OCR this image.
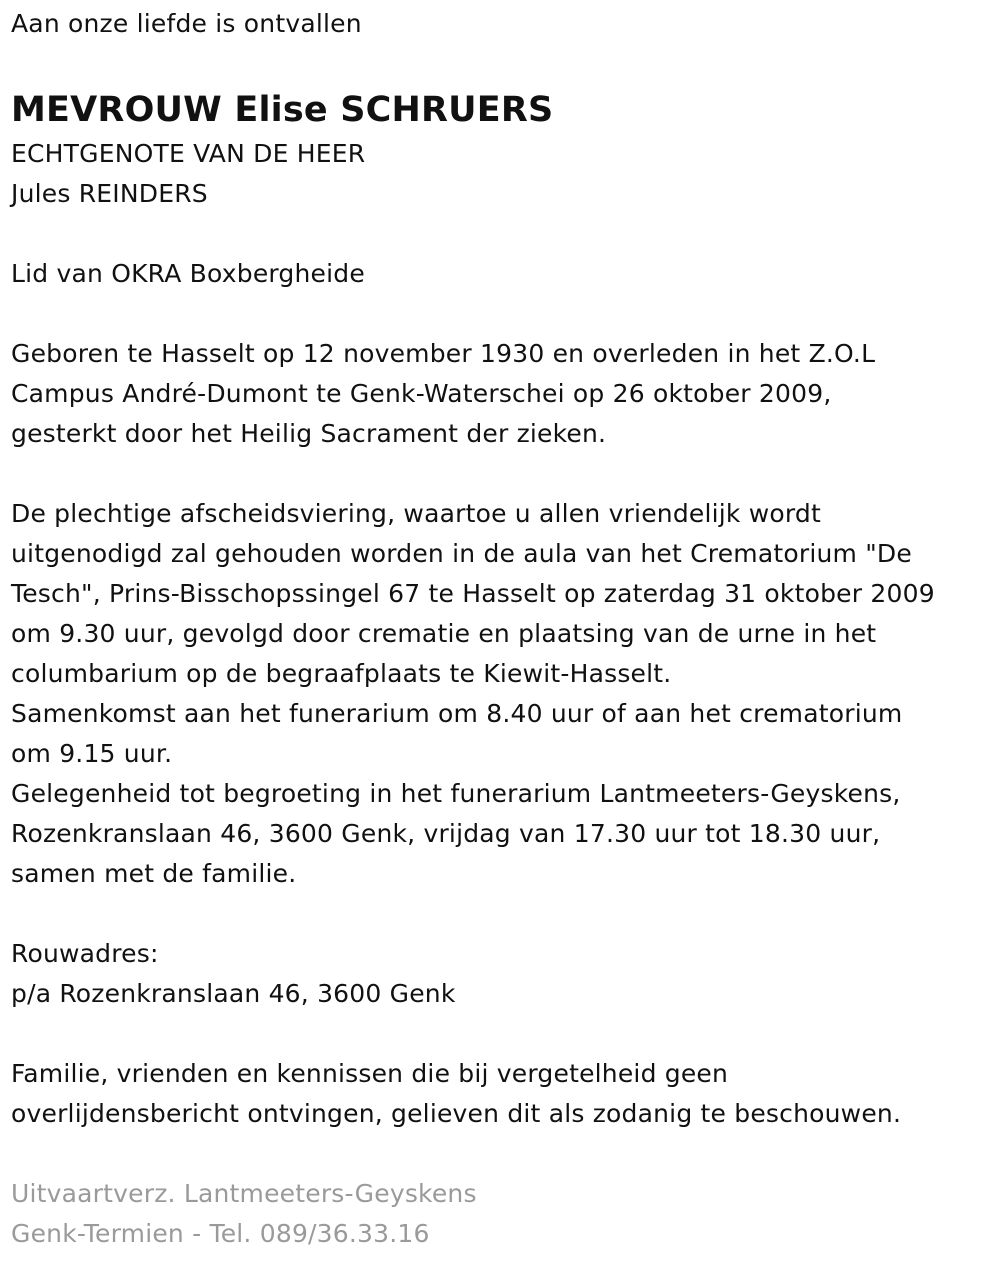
Aan onze liefde is ontvallen
MEVROUW Elise SCHRUERS
ECHTGENOTE VAN DE HEER
Jules REINDERS
Lid van OKRA Boxbergheide
Geboren te Hasselt op 12 november 1930 en overleden in het Z.O.L
Campus André-Dumont te Genk-Waterschei op 26 oktober 2009,
gesterkt door het Heilig Sacrament der zieken.
De plechtige afscheidsviering, waartoe u allen vriendelijk wordt
uitgenodigd zal gehouden worden in de aula van het Crematorium "De
Tesch", Prins-Bisschopssingel 67 te Hasselt op zaterdag 31 oktober 2009
om 9.30 uur, gevolgd door crematie en plaatsing van de urne in het
columbarium op de begraafplaats te Kiewit-Hasselt.
Samenkomst aan het funerarium om 8.40 uur of aan het crematorium
om 9.15 uur.
Gelegenheid tot begroeting in het funerarium Lantmeeters-Geyskens,
Rozenkranslaan 46, 3600 Genk, vrijdag van 17.30 uur tot 18.30 uur,
samen met de familie.
Rouwadres:
p/a Rozenkranslaan 46, 3600 Genk
Familie, vrienden en kennissen die bij vergetelheid geen
overlijdensbericht ontvingen, gelieven dit als zodanig te beschouwen.
Uitvaartverz. Lantmeeters-Geyskens
Genk-Termien - Tel. 089/36.33.16
